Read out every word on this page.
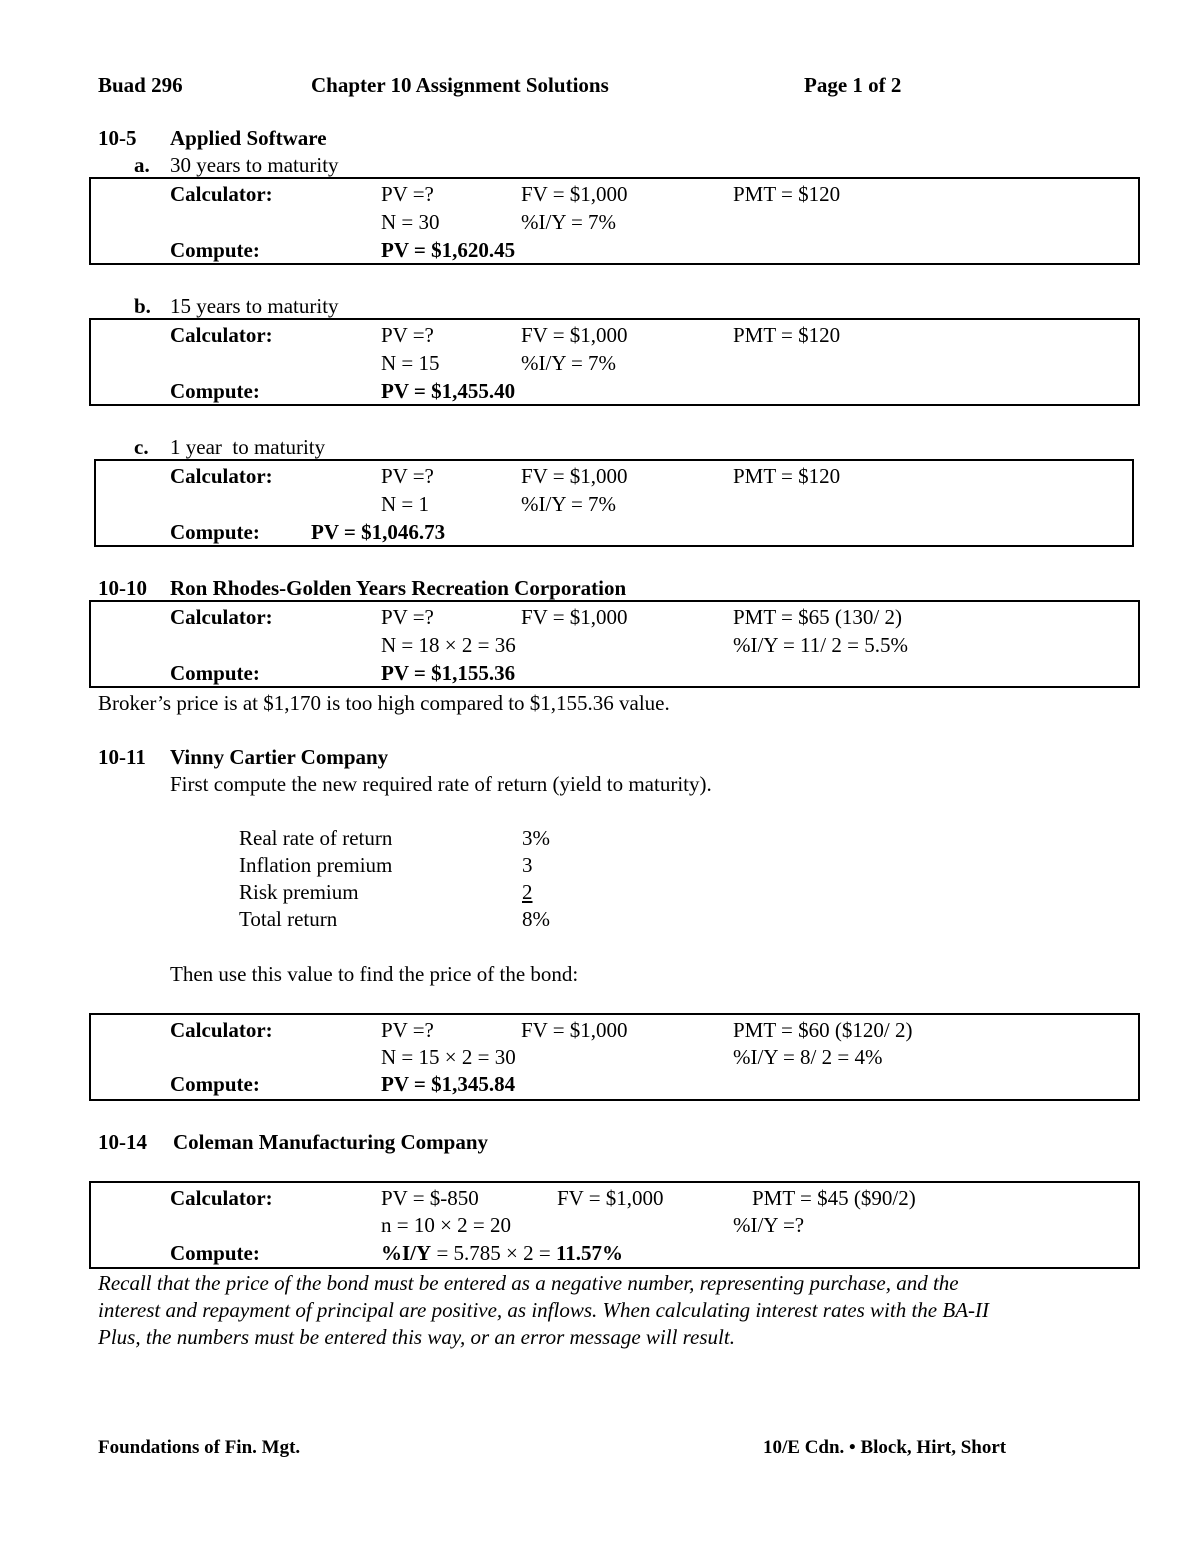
Buad 296	Chapter 10 Assignment Solutions	Page 1 of 2
10-5 Applied Software
a. 30 years to maturity
Calculator:	PV =?	FV = $1,000	PMT = $120
N = 30	%I/Y = 7%
Compute:	PV = $1,620.45
b. 15 years to maturity
Calculator:	PV =?	FV = $1,000	PMT = $120
N = 15	%I/Y = 7%
Compute:	PV = $1,455.40
c. 1 year  to maturity
Calculator:	PV =?	FV = $1,000	PMT = $120
N = 1	%I/Y = 7%
Compute: PV = $1,046.73
10-10 Ron Rhodes-Golden Years Recreation Corporation
Calculator:	PV =?	FV = $1,000	PMT = $65 (130/ 2)
N = 18 × 2 = 36	%I/Y = 11/ 2 = 5.5%
Compute:	PV = $1,155.36
Broker’s price is at $1,170 is too high compared to $1,155.36 value.
10-11 Vinny Cartier Company
First compute the new required rate of return (yield to maturity).
Real rate of return	3%
Inflation premium	3
Risk premium	2
Total return	8%
Then use this value to find the price of the bond:
Calculator:	PV =?	FV = $1,000	PMT = $60 ($120/ 2)
N = 15 × 2 = 30	%I/Y = 8/ 2 = 4%
Compute:	PV = $1,345.84
10-14 Coleman Manufacturing Company
Calculator:	PV = $-850	FV = $1,000	PMT = $45 ($90/2)
n = 10 × 2 = 20	%I/Y =?
Compute:	%I/Y = 5.785 × 2 = 11.57%
Recall that the price of the bond must be entered as a negative number, representing purchase, and the
interest and repayment of principal are positive, as inflows. When calculating interest rates with the BA-II
Plus, the numbers must be entered this way, or an error message will result.
Foundations of Fin. Mgt.	10/E Cdn. • Block, Hirt, Short
